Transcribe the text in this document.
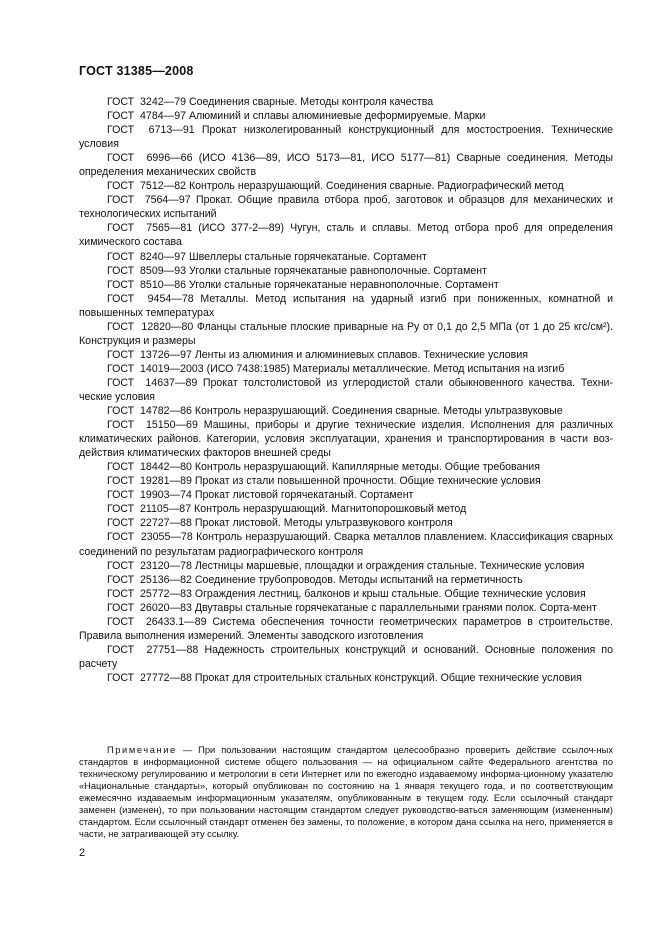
ГОСТ 31385—2008

ГОСТ  3242—79 Соединения сварные. Методы контроля качества

ГОСТ  4784—97 Алюминий и сплавы алюминиевые деформируемые. Марки

ГОСТ  6713—91 Прокат низколегированный конструкционный для мостостроения. Технические условия

ГОСТ  6996—66 (ИСО 4136—89, ИСО 5173—81, ИСО 5177—81) Сварные соединения. Методы определения механических свойств

ГОСТ  7512—82 Контроль неразрушающий. Соединения сварные. Радиографический метод

ГОСТ  7564—97 Прокат. Общие правила отбора проб, заготовок и образцов для механических и технологических испытаний

ГОСТ  7565—81 (ИСО 377-2—89) Чугун, сталь и сплавы. Метод отбора проб для определения химического состава

ГОСТ  8240—97 Швеллеры стальные горячекатаные. Сортамент

ГОСТ  8509—93 Уголки стальные горячекатаные равнополочные. Сортамент

ГОСТ  8510—86 Уголки стальные горячекатаные неравнополочные. Сортамент

ГОСТ  9454—78 Металлы. Метод испытания на ударный изгиб при пониженных, комнатной и повышенных температурах

ГОСТ  12820—80 Фланцы стальные плоские приварные на Pу от 0,1 до 2,5 МПа (от 1 до 25 кгс/см²). Конструкция и размеры

ГОСТ  13726—97 Ленты из алюминия и алюминиевых сплавов. Технические условия

ГОСТ  14019—2003 (ИСО 7438:1985) Материалы металлические. Метод испытания на изгиб

ГОСТ  14637—89 Прокат толстолистовой из углеродистой стали обыкновенного качества. Техни-ческие условия

ГОСТ  14782—86 Контроль неразрушающий. Соединения сварные. Методы ультразвуковые

ГОСТ  15150—69 Машины, приборы и другие технические изделия. Исполнения для различных климатических районов. Категории, условия эксплуатации, хранения и транспортирования в части воз-действия климатических факторов внешней среды

ГОСТ  18442—80 Контроль неразрушающий. Капиллярные методы. Общие требования

ГОСТ  19281—89 Прокат из стали повышенной прочности. Общие технические условия

ГОСТ  19903—74 Прокат листовой горячекатаный. Сортамент

ГОСТ  21105—87 Контроль неразрушающий. Магнитопорошковый метод

ГОСТ  22727—88 Прокат листовой. Методы ультразвукового контроля

ГОСТ  23055—78 Контроль неразрушающий. Сварка металлов плавлением. Классификация сварных соединений по результатам радиографического контроля

ГОСТ  23120—78 Лестницы маршевые, площадки и ограждения стальные. Технические условия

ГОСТ  25136—82 Соединение трубопроводов. Методы испытаний на герметичность

ГОСТ  25772—83 Ограждения лестниц, балконов и крыш стальные. Общие технические условия

ГОСТ  26020—83 Двутавры стальные горячекатаные с параллельными гранями полок. Сорта-мент

ГОСТ  26433.1—89 Система обеспечения точности геометрических параметров в строительстве. Правила выполнения измерений. Элементы заводского изготовления

ГОСТ  27751—88 Надежность строительных конструкций и оснований. Основные положения по расчету

ГОСТ  27772—88 Прокат для строительных стальных конструкций. Общие технические условия

Примечание — При пользовании настоящим стандартом целесообразно проверить действие ссылоч-ных стандартов в информационной системе общего пользования — на официальном сайте Федерального агентства по техническому регулированию и метрологии в сети Интернет или по ежегодно издаваемому информа-ционному указателю «Национальные стандарты», который опубликован по состоянию на 1 января текущего года, и по соответствующим ежемесячно издаваемым информационным указателям, опубликованным в текущем году. Если ссылочный стандарт заменен (изменен), то при пользовании настоящим стандартом следует руководство-ваться заменяющим (измененным) стандартом. Если ссылочный стандарт отменен без замены, то положение, в котором дана ссылка на него, применяется в части, не затрагивающей эту ссылку.
2
